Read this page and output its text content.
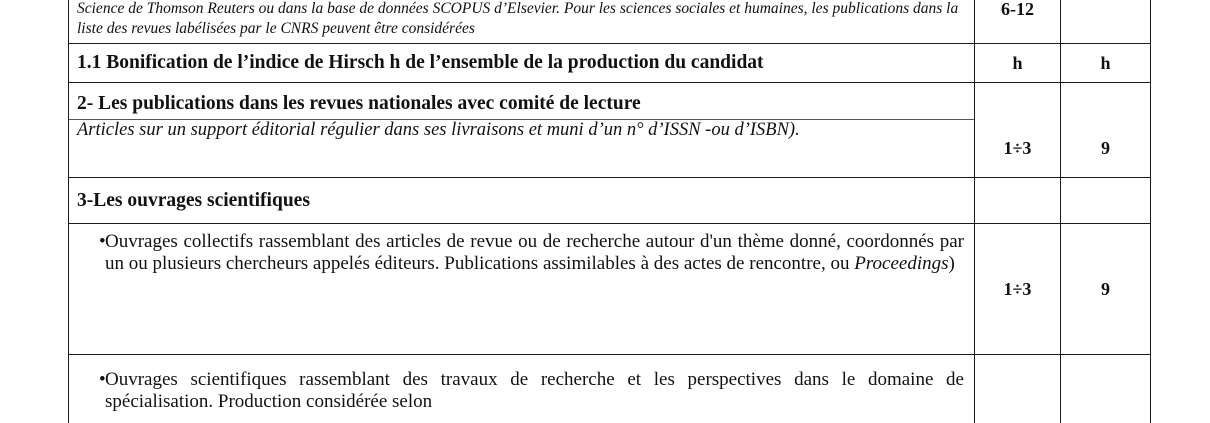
Science de Thomson Reuters ou dans la base de données SCOPUS d’Elsevier. Pour les sciences sociales et humaines, les publications dans la liste des revues labélisées par le CNRS peuvent être considérées	6-12	

1.1 Bonification de l’indice de Hirsch h de l’ensemble de la production du candidat	h	h

2- Les publications dans les revues nationales avec comité de lecture		

Articles sur un support éditorial régulier dans ses livraisons et muni d’un n° d’ISSN -ou d’ISBN).	1÷3	9

3-Les ouvrages scientifiques		

• Ouvrages collectifs rassemblant des articles de revue ou de recherche autour d'un thème donné, coordonnés par un ou plusieurs chercheurs appelés éditeurs. Publications assimilables à des actes de rencontre, ou Proceedings)	1÷3	9

• Ouvrages scientifiques rassemblant des travaux de recherche et les perspectives dans le domaine de spécialisation. Production considérée selon		
